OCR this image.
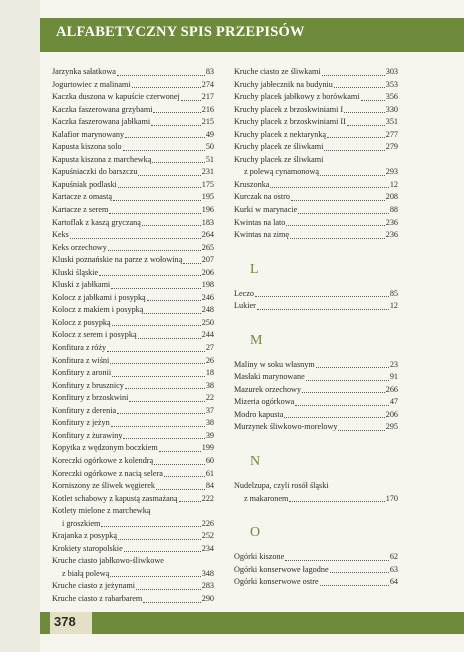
ALFABETYCZNY SPIS PRZEPISÓW
Jarzynka sałatkowa	83
Jogurtowiec z malinami	274
Kaczka duszona w kapuście czerwonej	217
Kaczka faszerowana grzybami	216
Kaczka faszerowana jabłkami	215
Kalafior marynowany	49
Kapusta kiszona solo	50
Kapusta kiszona z marchewką	51
Kapuśniaczki do barszczu	231
Kapuśniak podlaski	175
Kartacze z omastą	195
Kartacze z serem	196
Kartoflak z kaszą gryczaną	183
Keks	264
Keks orzechowy	265
Kluski poznańskie na parze z wołowiną 207
Kluski śląskie	206
Kluski z jabłkami	198
Kolocz z jabłkami i posypką	246
Kolocz z makiem i posypką	248
Kolocz z posypką	250
Kolocz z serem i posypką	244
Konfitura z róży	27
Konfitura z wiśni	26
Konfitury z aronii	18
Konfitury z brusznicy	38
Konfitury z brzoskwini	22
Konfitury z derenia	37
Konfitury z jeżyn	38
Konfitury z żurawiny	39
Kopytka z wędzonym boczkiem	199
Koreczki ogórkowe z kolendrą	60
Koreczki ogórkowe z nacią selera	61
Korniszony ze śliwek węgierek	84
Kotlet schabowy z kapustą zasmażaną	222
Kotlety mielone z marchewką
i groszkiem	226
Krajanka z posypką	252
Krokiety staropolskie	234
Kruche ciasto jabłkowo-śliwkowe
z białą polewą	348
Kruche ciasto z jeżynami	283
Kruche ciasto z rabarbarem	290
Kruche ciasto ze śliwkami	303
Kruchy jabłecznik na budyniu	353
Kruchy placek jabłkowy z borówkami	356
Kruchy placek z brzoskwiniami I	330
Kruchy placek z brzoskwiniami II	351
Kruchy placek z nektarynką	277
Kruchy placek ze śliwkami	279
Kruchy placek ze śliwkami
z polewą cynamonową	293
Kruszonka	12
Kurczak na ostro	208
Kurki w marynacie	88
Kwintas na lato	236
Kwintas na zimę	236
L
Leczo	85
Lukier	12
M
Maliny w soku własnym	23
Masłaki marynowane	91
Mazurek orzechowy	266
Mizeria ogórkowa	47
Modro kapusta	206
Murzynek śliwkowo-morelowy	295
N
Nudelzupa, czyli rosół śląski
z makaronem	170
O
Ogórki kiszone	62
Ogórki konserwowe łagodne	63
Ogórki konserwowe ostre	64
378
